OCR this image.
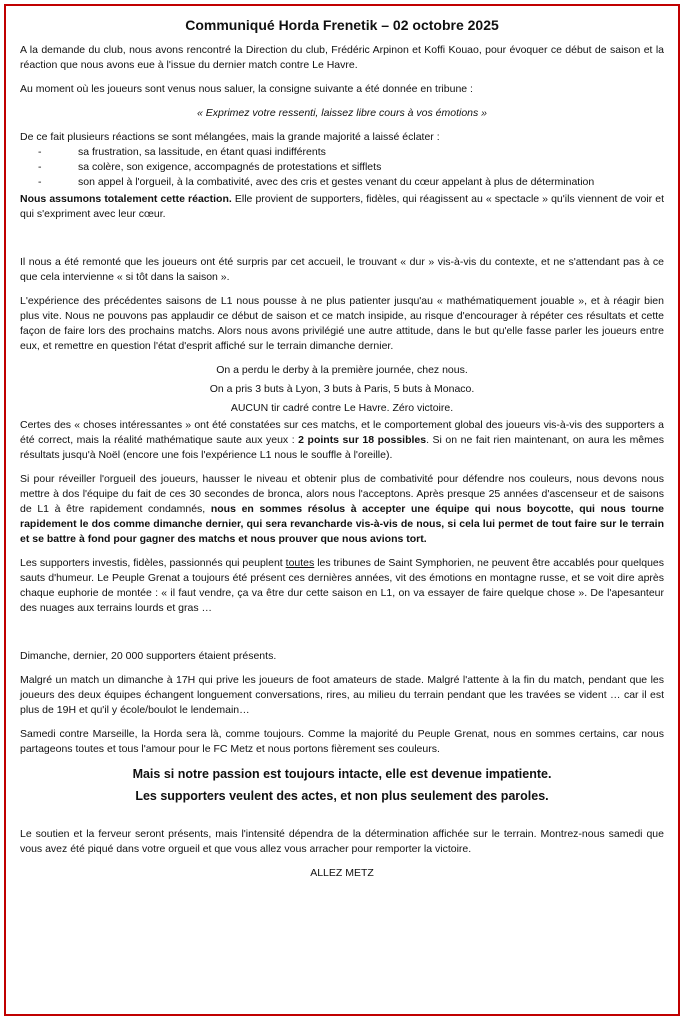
Communiqué Horda Frenetik – 02 octobre 2025

A la demande du club, nous avons rencontré la Direction du club, Frédéric Arpinon et Koffi Kouao, pour évoquer ce début de saison et la réaction que nous avons eue à l'issue du dernier match contre Le Havre.

Au moment où les joueurs sont venus nous saluer, la consigne suivante a été donnée en tribune :

« Exprimez votre ressenti, laissez libre cours à vos émotions »

De ce fait plusieurs réactions se sont mélangées, mais la grande majorité a laissé éclater :

- sa frustration, sa lassitude, en étant quasi indifférents
- sa colère, son exigence, accompagnés de protestations et sifflets
- son appel à l'orgueil, à la combativité, avec des cris et gestes venant du cœur appelant à plus de détermination

Nous assumons totalement cette réaction. Elle provient de supporters, fidèles, qui réagissent au « spectacle » qu'ils viennent de voir et qui s'expriment avec leur cœur.

Il nous a été remonté que les joueurs ont été surpris par cet accueil, le trouvant « dur » vis-à-vis du contexte, et ne s'attendant pas à ce que cela intervienne « si tôt dans la saison ».

L'expérience des précédentes saisons de L1 nous pousse à ne plus patienter jusqu'au « mathématiquement jouable », et à réagir bien plus vite. Nous ne pouvons pas applaudir ce début de saison et ce match insipide, au risque d'encourager à répéter ces résultats et cette façon de faire lors des prochains matchs. Alors nous avons privilégié une autre attitude, dans le but qu'elle fasse parler les joueurs entre eux, et remettre en question l'état d'esprit affiché sur le terrain dimanche dernier.

On a perdu le derby à la première journée, chez nous.
On a pris 3 buts à Lyon, 3 buts à Paris, 5 buts à Monaco.
AUCUN tir cadré contre Le Havre. Zéro victoire.

Certes des « choses intéressantes » ont été constatées sur ces matchs, et le comportement global des joueurs vis-à-vis des supporters a été correct, mais la réalité mathématique saute aux yeux : 2 points sur 18 possibles. Si on ne fait rien maintenant, on aura les mêmes résultats jusqu'à Noël (encore une fois l'expérience L1 nous le souffle à l'oreille).

Si pour réveiller l'orgueil des joueurs, hausser le niveau et obtenir plus de combativité pour défendre nos couleurs, nous devons nous mettre à dos l'équipe du fait de ces 30 secondes de bronca, alors nous l'acceptons. Après presque 25 années d'ascenseur et de saisons de L1 à être rapidement condamnés, nous en sommes résolus à accepter une équipe qui nous boycotte, qui nous tourne rapidement le dos comme dimanche dernier, qui sera revancharde vis-à-vis de nous, si cela lui permet de tout faire sur le terrain et se battre à fond pour gagner des matchs et nous prouver que nous avions tort.

Les supporters investis, fidèles, passionnés qui peuplent toutes les tribunes de Saint Symphorien, ne peuvent être accablés pour quelques sauts d'humeur. Le Peuple Grenat a toujours été présent ces dernières années, vit des émotions en montagne russe, et se voit dire après chaque euphorie de montée : « il faut vendre, ça va être dur cette saison en L1, on va essayer de faire quelque chose ». De l'apesanteur des nuages aux terrains lourds et gras …

Dimanche, dernier, 20 000 supporters étaient présents.

Malgré un match un dimanche à 17H qui prive les joueurs de foot amateurs de stade. Malgré l'attente à la fin du match, pendant que les joueurs des deux équipes échangent longuement conversations, rires, au milieu du terrain pendant que les travées se vident … car il est plus de 19H et qu'il y école/boulot le lendemain…

Samedi contre Marseille, la Horda sera là, comme toujours. Comme la majorité du Peuple Grenat, nous en sommes certains, car nous partageons toutes et tous l'amour pour le FC Metz et nous portons fièrement ses couleurs.

Mais si notre passion est toujours intacte, elle est devenue impatiente.
Les supporters veulent des actes, et non plus seulement des paroles.

Le soutien et la ferveur seront présents, mais l'intensité dépendra de la détermination affichée sur le terrain. Montrez-nous samedi que vous avez été piqué dans votre orgueil et que vous allez vous arracher pour remporter la victoire.

ALLEZ METZ
